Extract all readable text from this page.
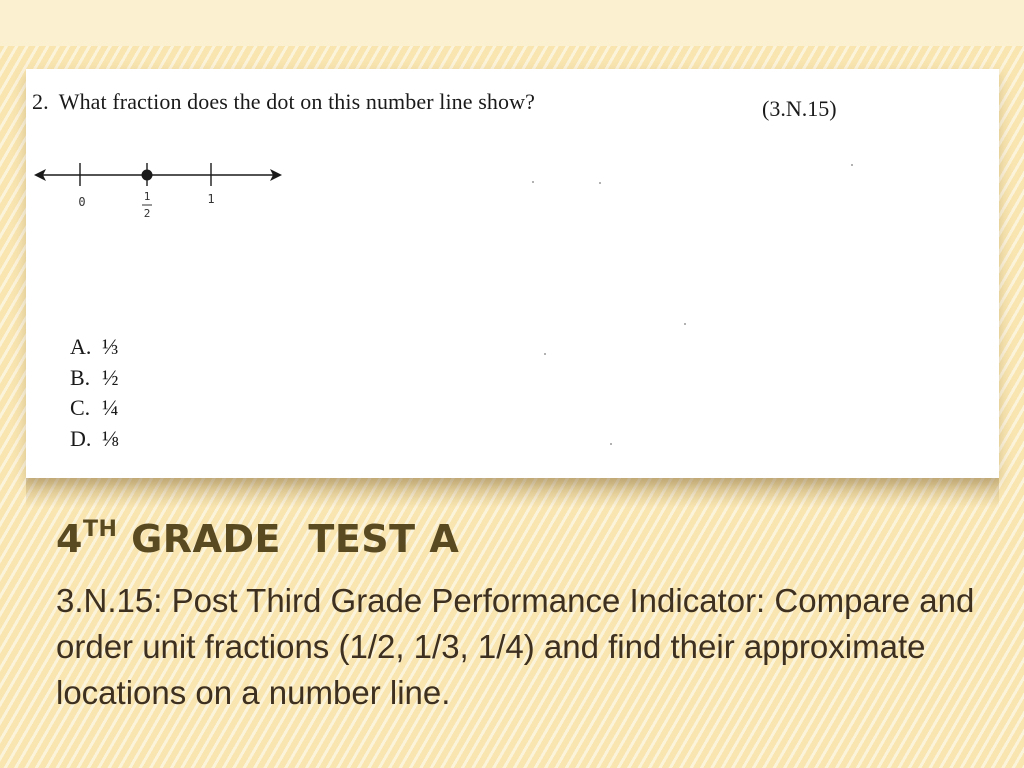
2. What fraction does the dot on this number line show?	(3.N.15)
0	1
2
1
A. ⅓
B. ½
C. ¼
D. ⅛
4TH GRADE  TEST A
3.N.15: Post Third Grade Performance Indicator: Compare and order unit fractions (1/2, 1/3, 1/4) and find their approximate locations on a number line.
